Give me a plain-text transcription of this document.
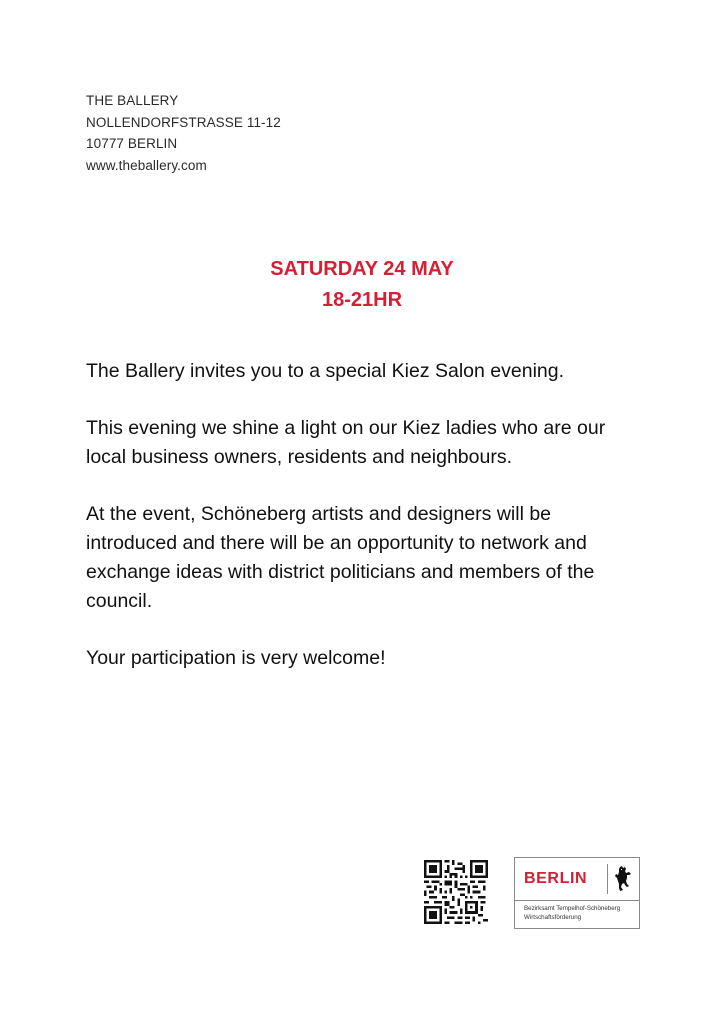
THE BALLERY
NOLLENDORFSTRASSE 11-12
10777 BERLIN
www.theballery.com
SATURDAY 24 MAY
18-21HR

The Ballery invites you to a special Kiez Salon evening.

This evening we shine a light on our Kiez ladies who are our local business owners, residents and neighbours.

At the event, Schöneberg artists and designers will be introduced and there will be an opportunity to network and exchange ideas with district politicians and members of the council.

Your participation is very welcome!

BERLIN
Bezirksamt Tempelhof-Schöneberg
Wirtschaftsförderung
